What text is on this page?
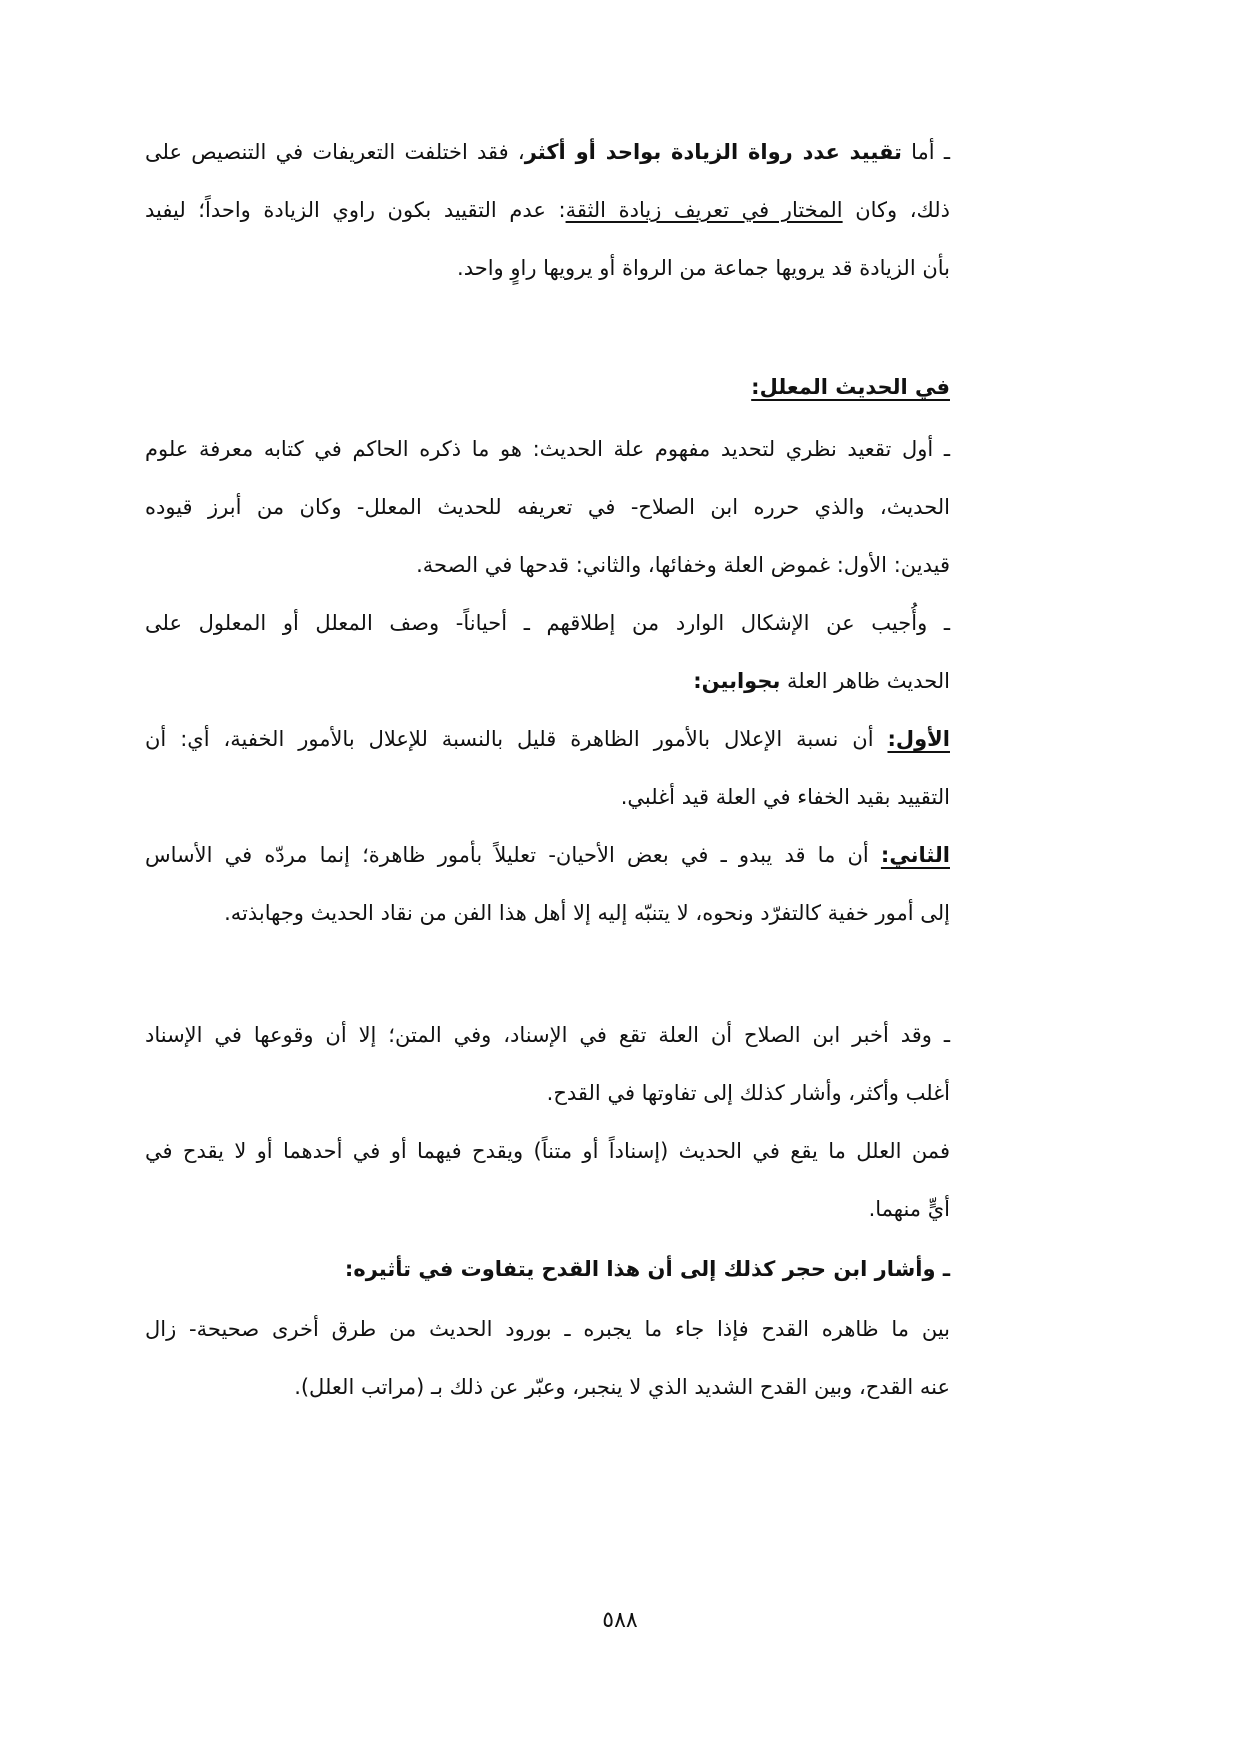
ـ أما تقييد عدد رواة الزيادة بواحد أو أكثر، فقد اختلفت التعريفات في التنصيص على
ذلك، وكان المختار في تعريف زيادة الثقة: عدم التقييد بكون راوي الزيادة واحداً؛ ليفيد
بأن الزيادة قد يرويها جماعة من الرواة أو يرويها راوٍ واحد.
في الحديث المعلل:
ـ أول تقعيد نظري لتحديد مفهوم علة الحديث: هو ما ذكره الحاكم في كتابه معرفة علوم
الحديث، والذي حرره ابن الصلاح- في تعريفه للحديث المعلل- وكان من أبرز قيوده
قيدين: الأول: غموض العلة وخفائها، والثاني: قدحها في الصحة.
ـ وأُجيب عن الإشكال الوارد من إطلاقهم ـ أحياناً- وصف المعلل أو المعلول على
الحديث ظاهر العلة بجوابين:
الأول: أن نسبة الإعلال بالأمور الظاهرة قليل بالنسبة للإعلال بالأمور الخفية، أي: أن
التقييد بقيد الخفاء في العلة قيد أغلبي.
الثاني: أن ما قد يبدو ـ في بعض الأحيان- تعليلاً بأمور ظاهرة؛ إنما مردّه في الأساس
إلى أمور خفية كالتفرّد ونحوه، لا يتنبّه إليه إلا أهل هذا الفن من نقاد الحديث وجهابذته.
ـ وقد أخبر ابن الصلاح أن العلة تقع في الإسناد، وفي المتن؛ إلا أن وقوعها في الإسناد
أغلب وأكثر، وأشار كذلك إلى تفاوتها في القدح.
فمن العلل ما يقع في الحديث (إسناداً أو متناً) ويقدح فيهما أو في أحدهما أو لا يقدح في
أيٍّ منهما.
ـ وأشار ابن حجر كذلك إلى أن هذا القدح يتفاوت في تأثيره:
بين ما ظاهره القدح فإذا جاء ما يجبره ـ بورود الحديث من طرق أخرى صحيحة- زال
عنه القدح، وبين القدح الشديد الذي لا ينجبر، وعبّر عن ذلك بـ (مراتب العلل).
٥٨٨
